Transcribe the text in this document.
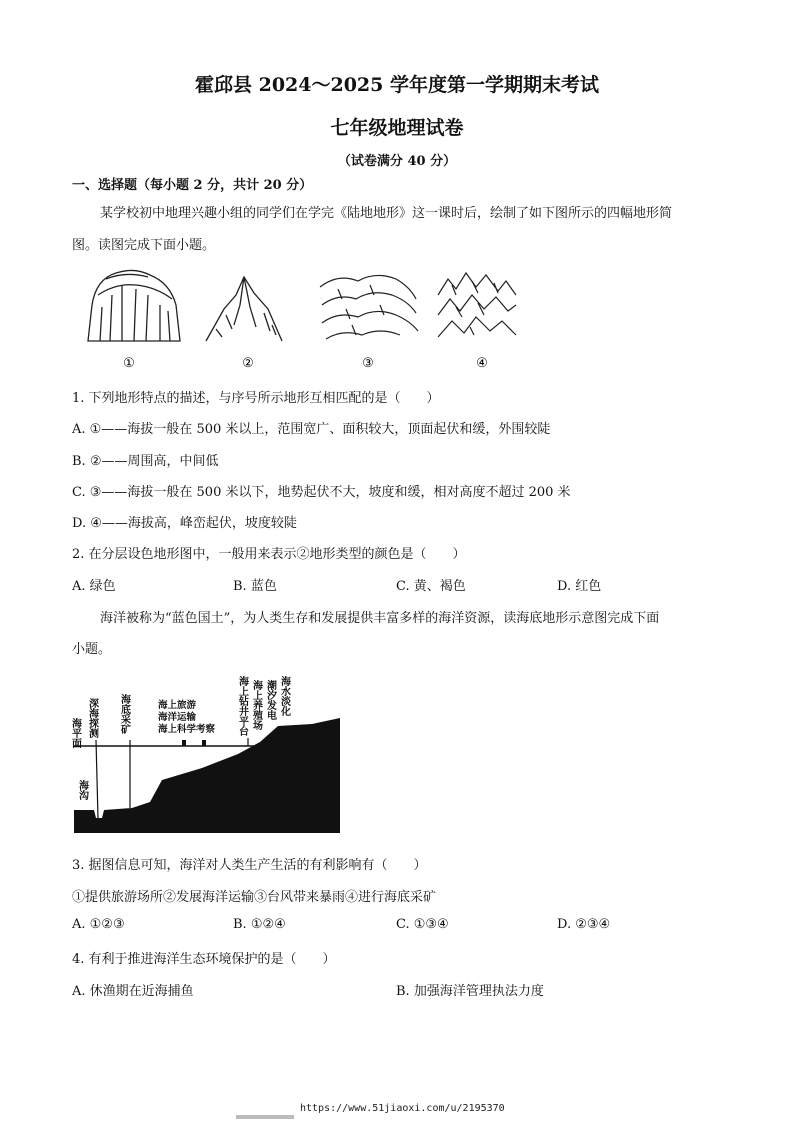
霍邱县 2024～2025 学年度第一学期期末考试
七年级地理试卷
（试卷满分 40 分）
一、选择题（每小题 2 分，共计 20 分）
某学校初中地理兴趣小组的同学们在学完《陆地地形》这一课时后，绘制了如下图所示的四幅地形简
图。读图完成下面小题。
①	②	③	④
1. 下列地形特点的描述，与序号所示地形互相匹配的是（　　）
A. ①——海拔一般在 500 米以上，范围宽广、面积较大，顶面起伏和缓，外围较陡
B. ②——周围高，中间低
C. ③——海拔一般在 500 米以下，地势起伏不大，坡度和缓，相对高度不超过 200 米
D. ④——海拔高，峰峦起伏，坡度较陡
2. 在分层设色地形图中，一般用来表示②地形类型的颜色是（　　）
A. 绿色	B. 蓝色	C. 黄、褐色	D. 红色
海洋被称为“蓝色国土”，为人类生存和发展提供丰富多样的海洋资源，读海底地形示意图完成下面
小题。
海平面 深海探测 海底采矿
海沟
海上钻井平台 海上养殖场 潮汐发电 海水淡化
海上旅游
海洋运输
海上科学考察
3. 据图信息可知，海洋对人类生产生活的有利影响有（　　）
①提供旅游场所②发展海洋运输③台风带来暴雨④进行海底采矿
A. ①②③	B. ①②④	C. ①③④	D. ②③④
4. 有利于推进海洋生态环境保护的是（　　）
A. 休渔期在近海捕鱼	B. 加强海洋管理执法力度
https://www.51jiaoxi.com/u/2195370
